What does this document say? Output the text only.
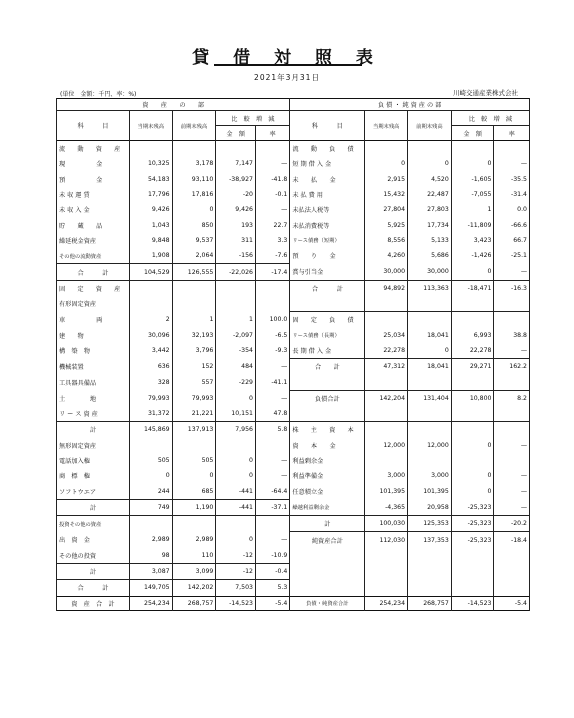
貸 借 対 照 表
2021年3月31日
(単位　金額：千円、率：%)	川崎交通産業株式会社
資　　産　　の　　部					負 債 ・ 純 資 産 の 部				
科　　　目	当期末残高	前期末残高	比　較　増　減		科　　　目	当期末残高	前期末残高	比　較　増　減	
			金　額	率				金　額	率
流　動　資　産					流　動　負　債				
現　　　　　金	10,325	3,178	7,147	—	短 期 借 入 金	0	0	0	—
預　　　　　金	54,183	93,110	-38,927	-41.8	未　　払　　金	2,915	4,520	-1,605	-35.5
未 収 運 賃	17,796	17,816	-20	-0.1	未 払 費 用	15,432	22,487	-7,055	-31.4
未 収 入 金	9,426	0	9,426	—	未払法人税等	27,804	27,803	1	0.0
貯　　蔵　　品	1,043	850	193	22.7	未払消費税等	5,925	17,734	-11,809	-66.6
繰延税金資産	9,848	9,537	311	3.3	リース債務（短期）	8,556	5,133	3,423	66.7
その他の流動資産	1,908	2,064	-156	-7.6	預　　り　　金	4,260	5,686	-1,426	-25.1
合　　　計	104,529	126,555	-22,026	-17.4	賞与引当金	30,000	30,000	0	—
固　定　資　産					合　　　計	94,892	113,363	-18,471	-16.3
有形固定資産									
車　　　　　両	2	1	1	100.0	固　定　負　債				
建　　物	30,096	32,193	-2,097	-6.5	リース債務（長期）	25,034	18,041	6,993	38.8
構　築　物	3,442	3,796	-354	-9.3	長 期 借 入 金	22,278	0	22,278	—
機械装置	636	152	484	—	合　　計	47,312	18,041	29,271	162.2
工具器具備品	328	557	-229	-41.1					
土　　　　地	79,993	79,993	0	—	負債合計	142,204	131,404	10,800	8.2
リ ー ス 資 産	31,372	21,221	10,151	47.8					
計	145,869	137,913	7,956	5.8	株　主　資　本				
無形固定資産					資　　本　　金	12,000	12,000	0	—
電話加入権	505	505	0	—	利益剰余金				
商　標　権	0	0	0	—	利益準備金	3,000	3,000	0	—
ソフトウエア	244	685	-441	-64.4	任意積立金	101,395	101,395	0	—
計	749	1,190	-441	-37.1	繰越利益剰余金	-4,365	20,958	-25,323	—
投資その他の資産					計	100,030	125,353	-25,323	-20.2
出　資　金	2,989	2,989	0	—	純資産合計	112,030	137,353	-25,323	-18.4
その他の投資	98	110	-12	-10.9					
計	3,087	3,099	-12	-0.4					
合　　　計	149,705	142,202	7,503	5.3					
資　産　合　計	254,234	268,757	-14,523	-5.4	負債・純資産合計	254,234	268,757	-14,523	-5.4
